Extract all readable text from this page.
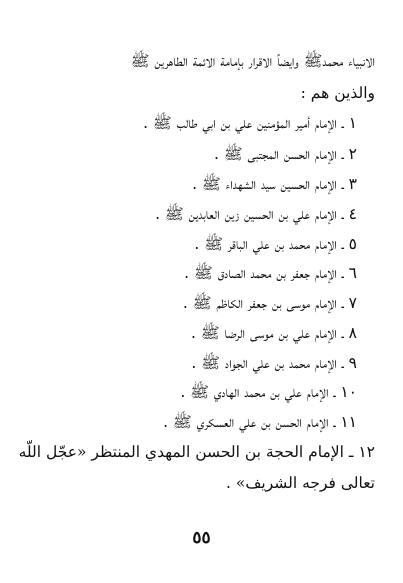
الانبياء محمدﷺ وايضاً الاقرار بإمامة الائمة الطاهرين ﷺ
والذين هم :
١ ـ الإمام أمير المؤمنين علي بن ابي طالب ﷺ .
٢ ـ الإمام الحسن المجتبى ﷺ .
٣ ـ الإمام الحسين سيد الشهداء ﷺ .
٤ ـ الإمام علي بن الحسين زين العابدين ﷺ .
٥ ـ الإمام محمد بن علي الباقر ﷺ .
٦ ـ الإمام جعفر بن محمد الصادق ﷺ .
٧ ـ الإمام موسى بن جعفر الكاظم ﷺ .
٨ ـ الإمام علي بن موسى الرضا ﷺ .
٩ ـ الإمام محمد بن علي الجواد ﷺ .
١٠ ـ الإمام علي بن محمد الهادي ﷺ .
١١ ـ الإمام الحسن بن علي العسكري ﷺ .
١٢ ـ الإمام الحجة بن الحسن المهدي المنتظر «عجّل اللّه
تعالى فرجه الشريف» .
٥٥
